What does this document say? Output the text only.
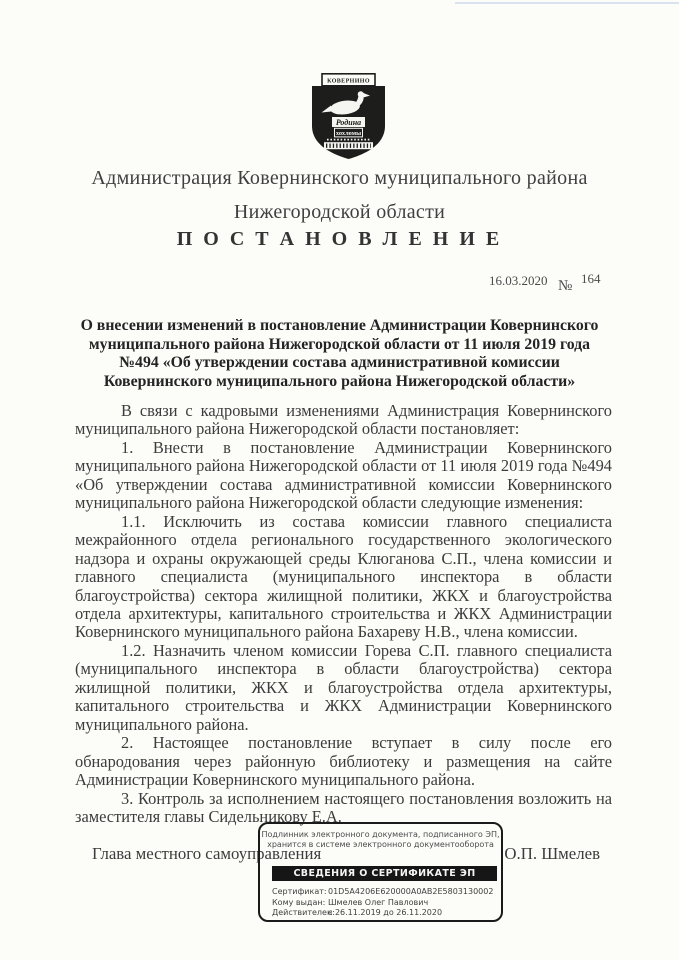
КОВЕРНИНО
Родина
хохломы
Администрация Ковернинского муниципального района
Нижегородской области
П О С Т А Н О В Л Е Н И Е
16.03.2020 № 164
О внесении изменений в постановление Администрации Ковернинского
муниципального района Нижегородской области от 11 июля 2019 года
№494 «Об утверждении состава административной комиссии
Ковернинского муниципального района Нижегородской области»

В связи с кадровыми изменениями Администрация Ковернинского муниципального района Нижегородской области постановляет:

1. Внести в постановление Администрации Ковернинского муниципального района Нижегородской области от 11 июля 2019 года №494 «Об утверждении состава административной комиссии Ковернинского муниципального района Нижегородской области следующие изменения:

1.1. Исключить из состава комиссии главного специалиста межрайонного отдела регионального государственного экологического надзора и охраны окружающей среды Клюганова С.П., члена комиссии и главного специалиста (муниципального инспектора в области благоустройства) сектора жилищной политики, ЖКХ и благоустройства отдела архитектуры, капитального строительства и ЖКХ Администрации Ковернинского муниципального района Бахареву Н.В., члена комиссии.

1.2. Назначить членом комиссии Горева С.П. главного специалиста (муниципального инспектора в области благоустройства) сектора жилищной политики, ЖКХ и благоустройства отдела архитектуры, капитального строительства и ЖКХ Администрации Ковернинского муниципального района.

2. Настоящее постановление вступает в силу после его обнародования через районную библиотеку и размещения на сайте Администрации Ковернинского муниципального района.

3. Контроль за исполнением настоящего постановления возложить на заместителя главы Сидельникову Е.А.

Глава местного самоуправления	О.П. Шмелев
Подлинник электронного документа, подписанного ЭП,
хранится в системе электронного документооборота
СВЕДЕНИЯ О СЕРТИФИКАТЕ ЭП
Сертификат:01D5A4206E620000A0AB2E5803130002
Кому выдан: Шмелев Олег Павлович
Действителен:с 26.11.2019 до 26.11.2020
